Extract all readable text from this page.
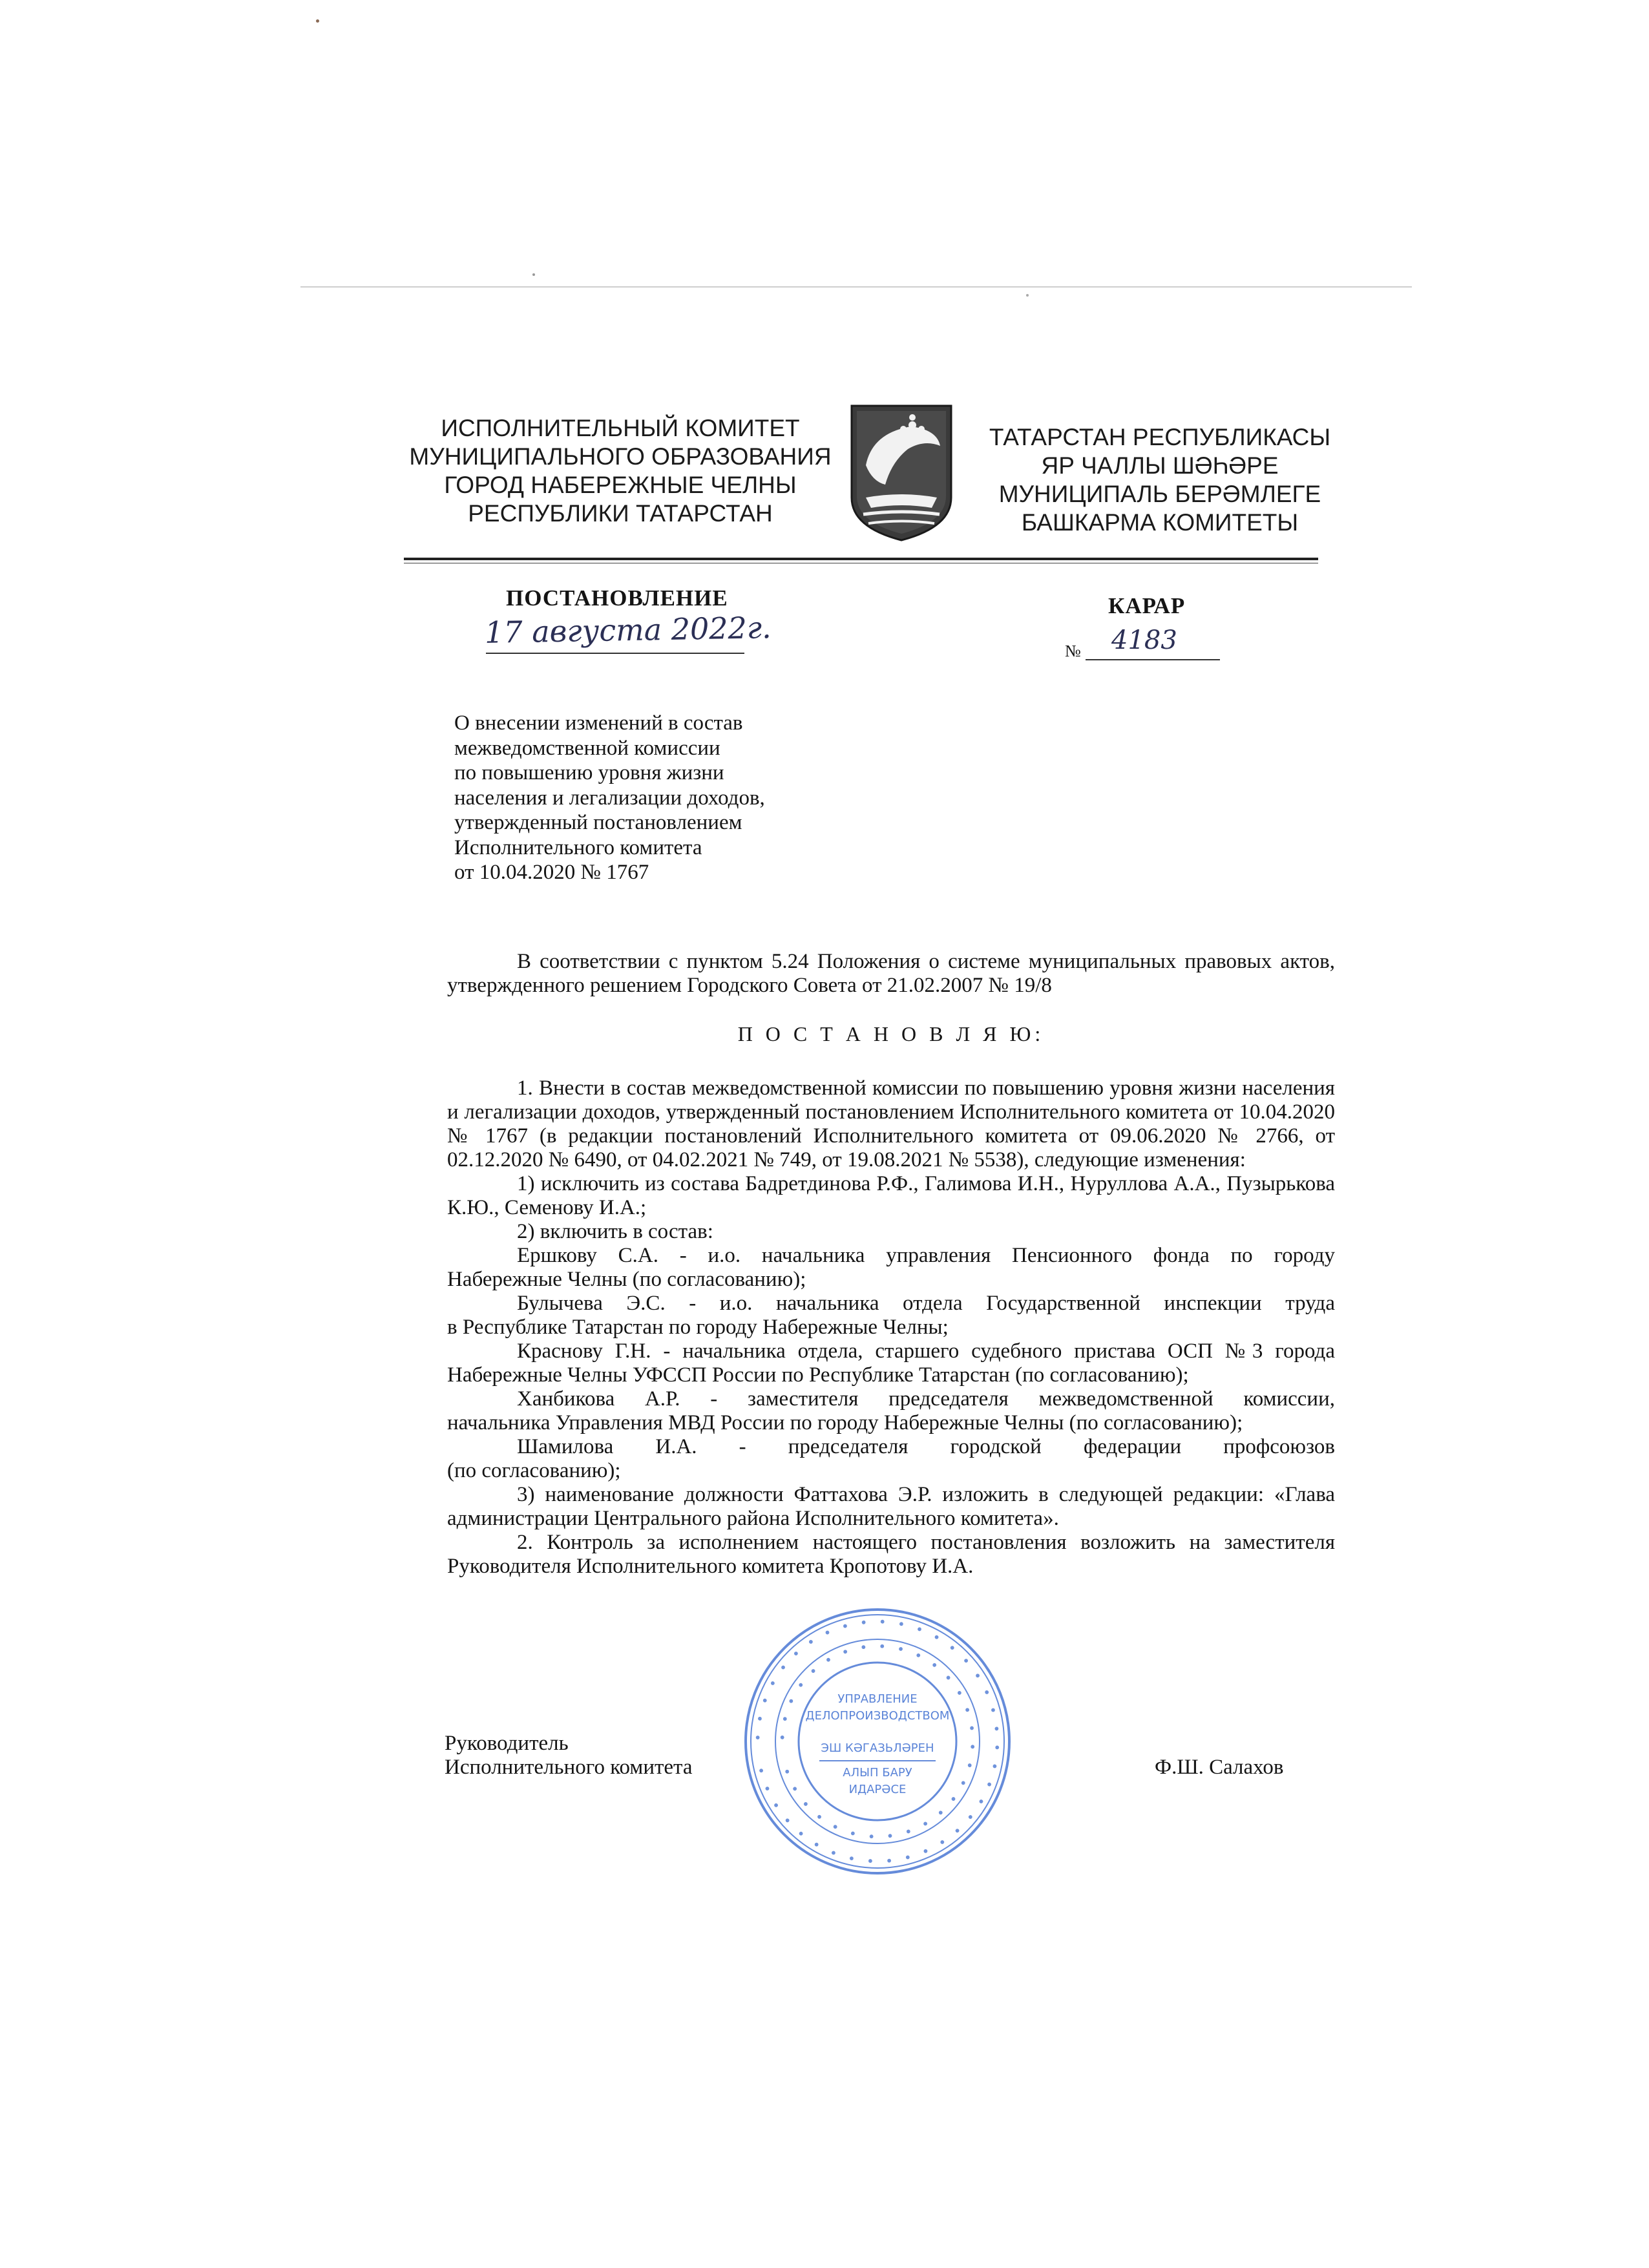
ИСПОЛНИТЕЛЬНЫЙ КОМИТЕТ
МУНИЦИПАЛЬНОГО ОБРАЗОВАНИЯ
ГОРОД НАБЕРЕЖНЫЕ ЧЕЛНЫ
РЕСПУБЛИКИ ТАТАРСТАН
ТАТАРСТАН РЕСПУБЛИКАСЫ
ЯР ЧАЛЛЫ ШӘҺӘРЕ
МУНИЦИПАЛЬ БЕРӘМЛЕГЕ
БАШКАРМА КОМИТЕТЫ
ПОСТАНОВЛЕНИЕ	КАРАР
17 августа 2022г.
№ 4183
О внесении изменений в состав
межведомственной комиссии
по повышению уровня жизни
населения и легализации доходов,
утвержденный постановлением
Исполнительного комитета
от 10.04.2020 № 1767
В соответствии с пунктом 5.24 Положения о системе муниципальных правовых актов, утвержденного решением Городского Совета от 21.02.2007 № 19/8
П О С Т А Н О В Л Я Ю:
1. Внести в состав межведомственной комиссии по повышению уровня жизни населения и легализации доходов, утвержденный постановлением Исполнительного комитета от 10.04.2020 № 1767 (в редакции постановлений Исполнительного комитета от 09.06.2020 № 2766, от 02.12.2020 № 6490, от 04.02.2021 № 749, от 19.08.2021 № 5538), следующие изменения:
1) исключить из состава Бадретдинова Р.Ф., Галимова И.Н., Нуруллова А.А., Пузырькова К.Ю., Семенову И.А.;
2) включить в состав:
Ершкову С.А. - и.о. начальника управления Пенсионного фонда по городу
Набережные Челны (по согласованию);
Булычева Э.С. - и.о. начальника отдела Государственной инспекции труда
в Республике Татарстан по городу Набережные Челны;
Краснову Г.Н. - начальника отдела, старшего судебного пристава ОСП №3 города
Набережные Челны УФССП России по Республике Татарстан (по согласованию);
Ханбикова А.Р. - заместителя председателя межведомственной комиссии,
начальника Управления МВД России по городу Набережные Челны (по согласованию);
Шамилова И.А. - председателя городской федерации профсоюзов
(по согласованию);
3) наименование должности Фаттахова Э.Р. изложить в следующей редакции: «Глава администрации Центрального района Исполнительного комитета».
2. Контроль за исполнением настоящего постановления возложить на заместителя Руководителя Исполнительного комитета Кропотову И.А.
• • • • • • • • • • • • • • • • • • • • • • • • • • • • • • • • • • • • • • •
• • • • • • • • • • • • • • • • • • • • • • • • • • • • • • •
УПРАВЛЕНИЕ
ДЕЛОПРОИЗВОДСТВОМ
ЭШ КӘГАЗЬЛӘРЕН
АЛЫП БАРУ
ИДАРӘСЕ
Руководитель
Исполнительного комитета	Ф.Ш. Салахов
